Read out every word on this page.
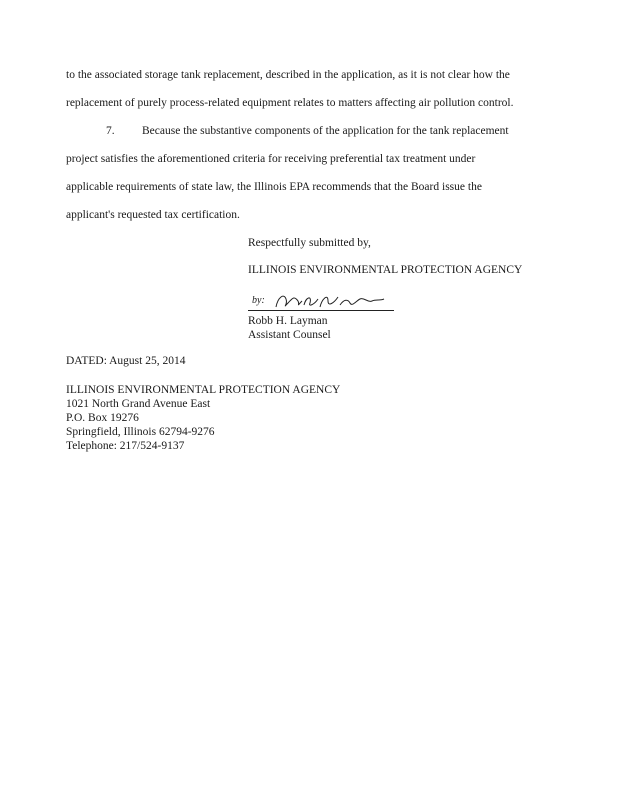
to the associated storage tank replacement, described in the application, as it is not clear how the
replacement of purely process-related equipment relates to matters affecting air pollution control.
7. Because the substantive components of the application for the tank replacement
project satisfies the aforementioned criteria for receiving preferential tax treatment under
applicable requirements of state law, the Illinois EPA recommends that the Board issue the
applicant's requested tax certification.
Respectfully submitted by,
ILLINOIS ENVIRONMENTAL PROTECTION AGENCY
by:
Robb H. Layman
Assistant Counsel
DATED: August 25, 2014
ILLINOIS ENVIRONMENTAL PROTECTION AGENCY
1021 North Grand Avenue East
P.O. Box 19276
Springfield, Illinois 62794-9276
Telephone: 217/524-9137
